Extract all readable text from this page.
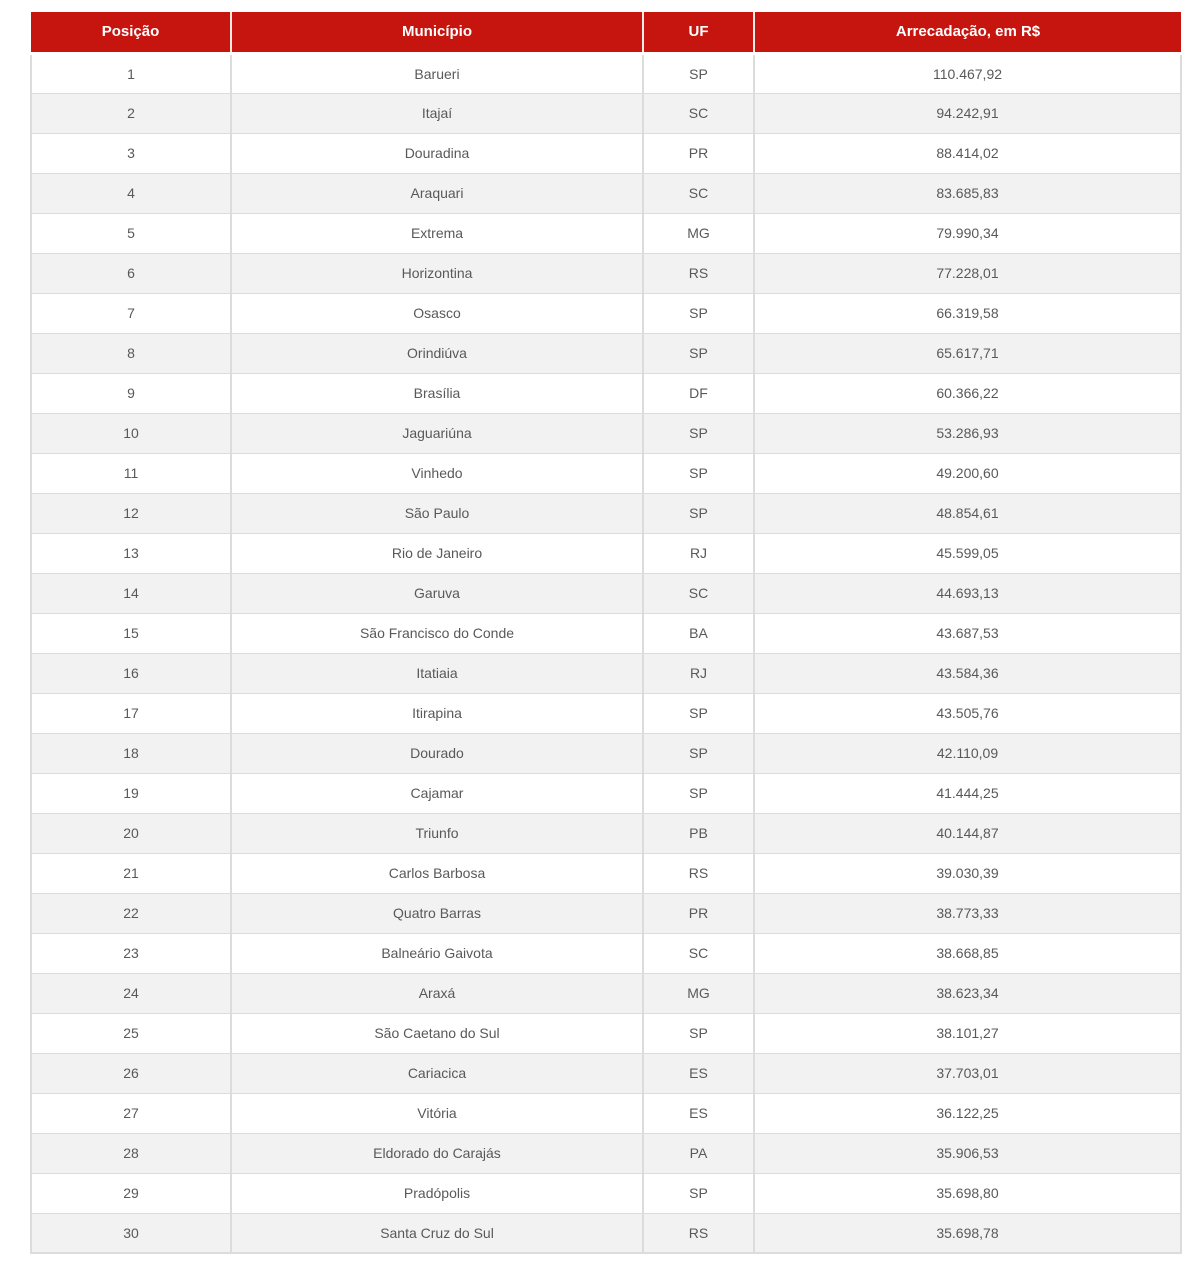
Posição	Município	UF	Arrecadação, em R$
1	Barueri	SP	110.467,92
2	Itajaí	SC	94.242,91
3	Douradina	PR	88.414,02
4	Araquari	SC	83.685,83
5	Extrema	MG	79.990,34
6	Horizontina	RS	77.228,01
7	Osasco	SP	66.319,58
8	Orindiúva	SP	65.617,71
9	Brasília	DF	60.366,22
10	Jaguariúna	SP	53.286,93
11	Vinhedo	SP	49.200,60
12	São Paulo	SP	48.854,61
13	Rio de Janeiro	RJ	45.599,05
14	Garuva	SC	44.693,13
15	São Francisco do Conde	BA	43.687,53
16	Itatiaia	RJ	43.584,36
17	Itirapina	SP	43.505,76
18	Dourado	SP	42.110,09
19	Cajamar	SP	41.444,25
20	Triunfo	PB	40.144,87
21	Carlos Barbosa	RS	39.030,39
22	Quatro Barras	PR	38.773,33
23	Balneário Gaivota	SC	38.668,85
24	Araxá	MG	38.623,34
25	São Caetano do Sul	SP	38.101,27
26	Cariacica	ES	37.703,01
27	Vitória	ES	36.122,25
28	Eldorado do Carajás	PA	35.906,53
29	Pradópolis	SP	35.698,80
30	Santa Cruz do Sul	RS	35.698,78
